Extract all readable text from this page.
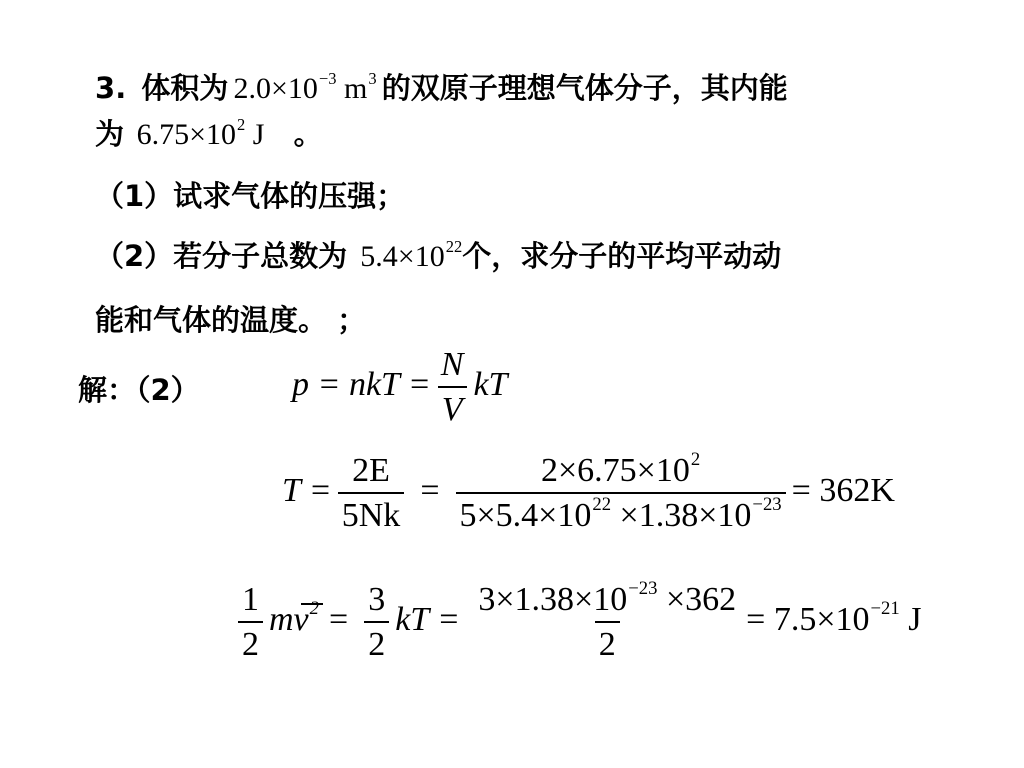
3.  体积为 $2.0\times 10^{-3}$ $m^3$ 的双原子理想气体分子，其内能
为 $6.75\times 10^2$ J 。
（1）试求气体的压强；
（2）若分子总数为 $5.4\times 10^{22}$个，求分子的平均平动动
能和气体的温度。 ；
解：（2）	p = nkT = $\frac{N}{V}$ kT
$T = \frac{2E}{5Nk} = \frac{2\times 6.75\times 10^2}{5\times 5.4\times 10^{22} \times 1.38\times 10^{-23}} = 362K$
$\frac{1}{2} mv^2 = \frac{3}{2}$ kT = $\frac{3\times 1.38\times 10^{-23} \times 362}{2} = 7.5\times 10^{-21}$ J
